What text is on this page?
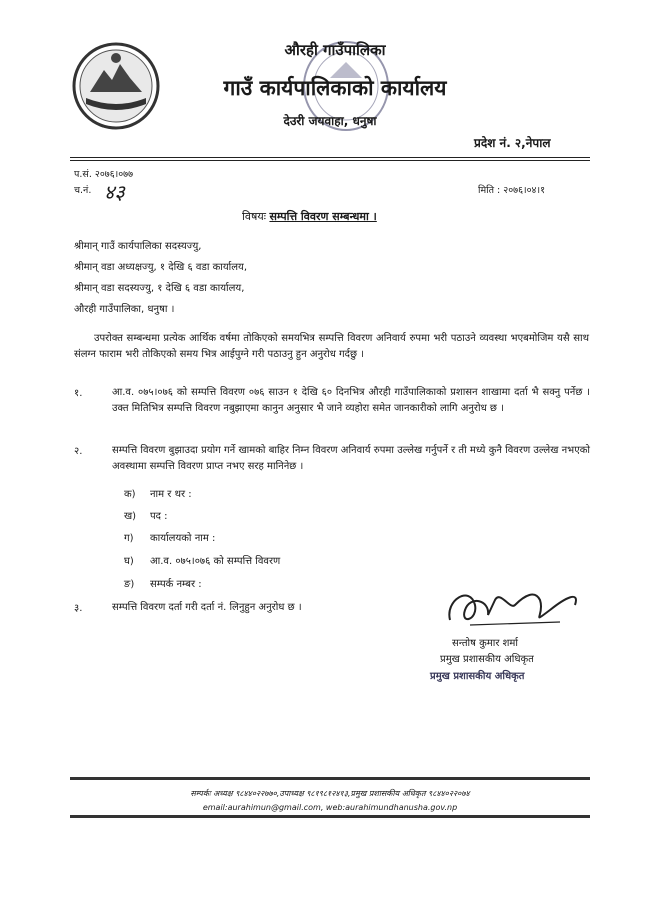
औरही गाउँपालिका
गाउँ कार्यपालिकाको कार्यालय
देउरी जयवाहा, धनुषा
प्रदेश नं. २,नेपाल
प.सं. २०७६।०७७
च.नं. ४३	मिति : २०७६।०४।१
विषयः सम्पत्ति विवरण सम्बन्धमा ।
श्रीमान् गाउँ कार्यपालिका सदस्यज्यु,
श्रीमान् वडा अध्यक्षज्यु, १ देखि ६ वडा कार्यालय,
श्रीमान् वडा सदस्यज्यु, १ देखि ६ वडा कार्यालय,
औरही गाउँपालिका, धनुषा ।
उपरोक्त सम्बन्धमा प्रत्येक आर्थिक वर्षमा तोकिएको समयभित्र सम्पत्ति विवरण अनिवार्य रुपमा भरी पठाउने व्यवस्था भएबमोजिम यसै साथ संलग्न फाराम भरी तोकिएको समय भित्र आईपुग्ने गरी पठाउनु हुन अनुरोध गर्दछु ।
१.	आ.व. ०७५।०७६ को सम्पत्ति विवरण ०७६ साउन १ देखि ६० दिनभित्र औरही गाउँपालिकाको प्रशासन शाखामा दर्ता भै सक्नु पर्नेछ । उक्त मितिभित्र सम्पत्ति विवरण नबुझाएमा कानुन अनुसार भै जाने व्यहोरा समेत जानकारीको लागि अनुरोध छ ।
२.	सम्पत्ति विवरण बुझाउदा प्रयोग गर्ने खामको बाहिर निम्न विवरण अनिवार्य रुपमा उल्लेख गर्नुपर्ने र ती मध्ये कुनै विवरण उल्लेख नभएको अवस्थामा सम्पत्ति विवरण प्राप्त नभए सरह मानिनेछ ।
क) नाम र थर :
ख) पद :
ग) कार्यालयको नाम :
घ) आ.व. ०७५।०७६ को सम्पत्ति विवरण
ङ) सम्पर्क नम्बर :
३.	सम्पत्ति विवरण दर्ता गरी दर्ता नं. लिनुहुन अनुरोध छ ।
सन्तोष कुमार शर्मा
प्रमुख प्रशासकीय अधिकृत
प्रमुख प्रशासकीय अधिकृत
सम्पर्कः अध्यक्ष ९८४४०२२७७०,उपाध्यक्ष ९८१९८१२४१३,प्रमुख प्रशासकीय अधिकृत ९८४४०२२०७४
email:aurahimun@gmail.com, web:aurahimundhanusha.gov.np
